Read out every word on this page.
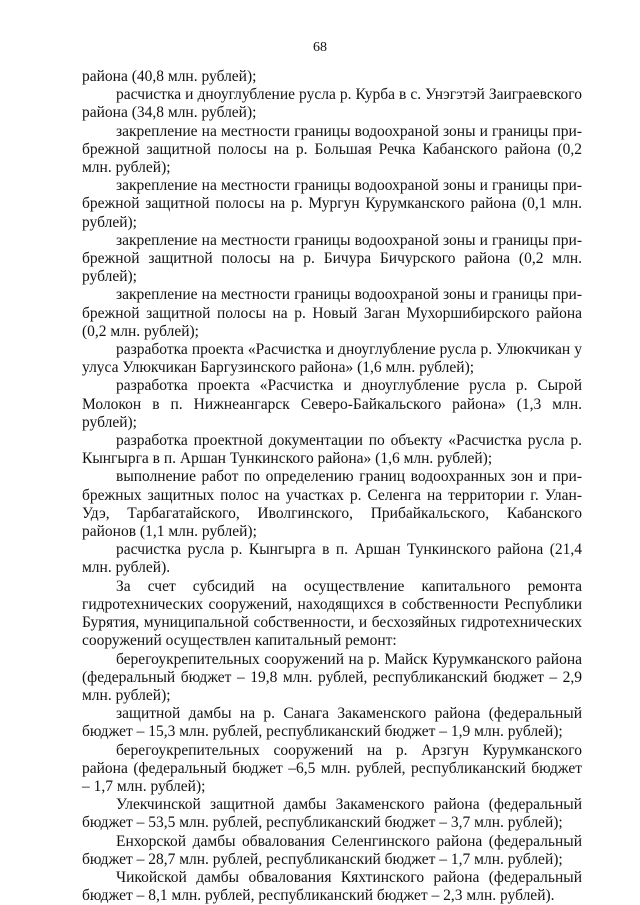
68

района (40,8 млн. рублей);

расчистка и дноуглубление русла р. Курба в с. Унэгэтэй Заиграевского района (34,8 млн. рублей);

закрепление на местности границы водоохраной зоны и границы прибрежной защитной полосы на р. Большая Речка Кабанского района (0,2 млн. рублей);

закрепление на местности границы водоохраной зоны и границы прибрежной защитной полосы на р. Мургун Курумканского района (0,1 млн. рублей);

закрепление на местности границы водоохраной зоны и границы прибрежной защитной полосы на р. Бичура Бичурского района (0,2 млн. рублей);

закрепление на местности границы водоохраной зоны и границы прибрежной защитной полосы на р. Новый Заган Мухоршибирского района (0,2 млн. рублей);

разработка проекта «Расчистка и дноуглубление русла р. Улюкчикан у улуса Улюкчикан Баргузинского района» (1,6 млн. рублей);

разработка проекта «Расчистка и дноуглубление русла р. Сырой Молокон в п. Нижнеангарск Северо-Байкальского района» (1,3 млн. рублей);

разработка проектной документации по объекту «Расчистка русла р. Кынгырга в п. Аршан Тункинского района» (1,6 млн. рублей);

выполнение работ по определению границ водоохранных зон и прибрежных защитных полос на участках р. Селенга на территории г. Улан-Удэ, Тарбагатайского, Иволгинского, Прибайкальского, Кабанского районов (1,1 млн. рублей);

расчистка русла р. Кынгырга в п. Аршан Тункинского района (21,4 млн. рублей).

За счет субсидий на осуществление капитального ремонта гидротехнических сооружений, находящихся в собственности Республики Бурятия, муниципальной собственности, и бесхозяйных гидротехнических сооружений осуществлен капитальный ремонт:

берегоукрепительных сооружений на р. Майск Курумканского района (федеральный бюджет – 19,8 млн. рублей, республиканский бюджет – 2,9 млн. рублей);

защитной дамбы на р. Санага Закаменского района (федеральный бюджет – 15,3 млн. рублей, республиканский бюджет – 1,9 млн. рублей);

берегоукрепительных сооружений на р. Арзгун Курумканского района (федеральный бюджет –6,5 млн. рублей, республиканский бюджет – 1,7 млн. рублей);

Улекчинской защитной дамбы Закаменского района (федеральный бюджет – 53,5 млн. рублей, республиканский бюджет – 3,7 млн. рублей);

Енхорской дамбы обвалования Селенгинского района (федеральный бюджет – 28,7 млн. рублей, республиканский бюджет – 1,7 млн. рублей);

Чикойской дамбы обвалования Кяхтинского района (федеральный бюджет – 8,1 млн. рублей, республиканский бюджет – 2,3 млн. рублей).
